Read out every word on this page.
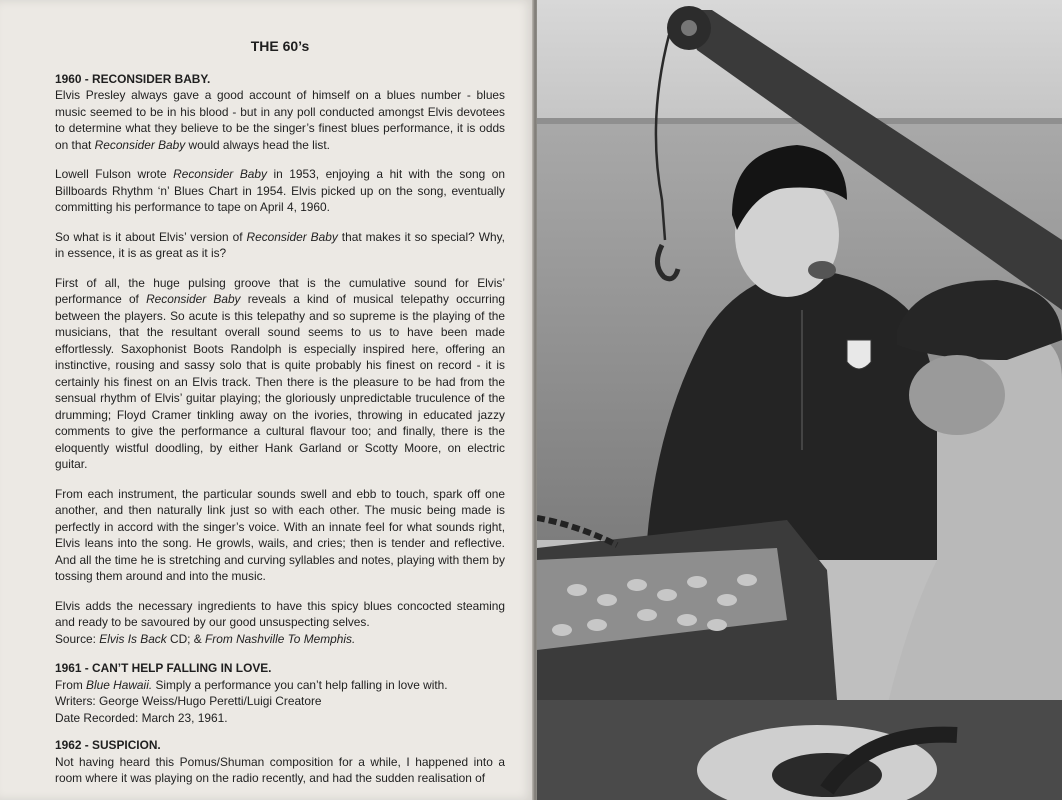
THE 60’s

1960 - RECONSIDER BABY.

Elvis Presley always gave a good account of himself on a blues number - blues music seemed to be in his blood - but in any poll conducted amongst Elvis devotees to determine what they believe to be the singer’s finest blues performance, it is odds on that Reconsider Baby would always head the list.

Lowell Fulson wrote Reconsider Baby in 1953, enjoying a hit with the song on Billboards Rhythm ‘n’ Blues Chart in 1954. Elvis picked up on the song, eventually committing his performance to tape on April 4, 1960.

So what is it about Elvis’ version of Reconsider Baby that makes it so special? Why, in essence, it is as great as it is?

First of all, the huge pulsing groove that is the cumulative sound for Elvis’ performance of Reconsider Baby reveals a kind of musical telepathy occurring between the players. So acute is this telepathy and so supreme is the playing of the musicians, that the resultant overall sound seems to us to have been made effortlessly. Saxophonist Boots Randolph is especially inspired here, offering an instinctive, rousing and sassy solo that is quite probably his finest on record - it is certainly his finest on an Elvis track. Then there is the pleasure to be had from the sensual rhythm of Elvis’ guitar playing; the gloriously unpredictable truculence of the drumming; Floyd Cramer tinkling away on the ivories, throwing in educated jazzy comments to give the performance a cultural flavour too; and finally, there is the eloquently wistful doodling, by either Hank Garland or Scotty Moore, on electric guitar.

From each instrument, the particular sounds swell and ebb to touch, spark off one another, and then naturally link just so with each other. The music being made is perfectly in accord with the singer’s voice. With an innate feel for what sounds right, Elvis leans into the song. He growls, wails, and cries; then is tender and reflective. And all the time he is stretching and curving syllables and notes, playing with them by tossing them around and into the music.

Elvis adds the necessary ingredients to have this spicy blues concocted steaming and ready to be savoured by our good unsuspecting selves.

Source: Elvis Is Back CD; & From Nashville To Memphis.

1961 - CAN’T HELP FALLING IN LOVE.

From Blue Hawaii. Simply a performance you can’t help falling in love with.

Writers: George Weiss/Hugo Peretti/Luigi Creatore

Date Recorded: March 23, 1961.

1962 - SUSPICION.

Not having heard this Pomus/Shuman composition for a while, I happened into a room where it was playing on the radio recently, and had the sudden realisation of
